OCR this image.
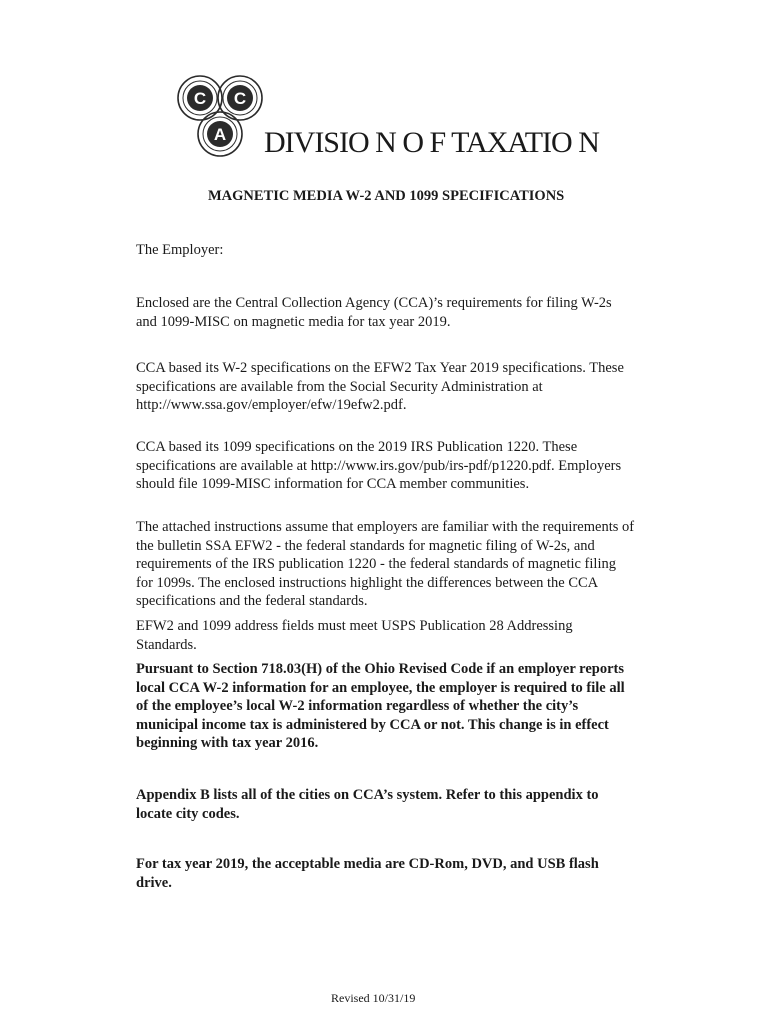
C C
A DIVISIO N O F TAXATIO N
MAGNETIC MEDIA W-2 AND 1099 SPECIFICATIONS
The Employer:
Enclosed are the Central Collection Agency (CCA)’s requirements for filing W-2s
and 1099-MISC on magnetic media for tax year 2019.
CCA based its W-2 specifications on the EFW2 Tax Year 2019 specifications. These
specifications are available from the Social Security Administration at
http://www.ssa.gov/employer/efw/19efw2.pdf.
CCA based its 1099 specifications on the 2019 IRS Publication 1220. These
specifications are available at http://www.irs.gov/pub/irs-pdf/p1220.pdf. Employers
should file 1099-MISC information for CCA member communities.
The attached instructions assume that employers are familiar with the requirements of
the bulletin SSA EFW2 - the federal standards for magnetic filing of W-2s, and
requirements of the IRS publication 1220 - the federal standards of magnetic filing
for 1099s. The enclosed instructions highlight the differences between the CCA
specifications and the federal standards.
EFW2 and 1099 address fields must meet USPS Publication 28 Addressing
Standards.
Pursuant to Section 718.03(H) of the Ohio Revised Code if an employer reports
local CCA W-2 information for an employee, the employer is required to file all
of the employee’s local W-2 information regardless of whether the city’s
municipal income tax is administered by CCA or not. This change is in effect
beginning with tax year 2016.
Appendix B lists all of the cities on CCA’s system. Refer to this appendix to
locate city codes.
For tax year 2019, the acceptable media are CD-Rom, DVD, and USB flash
drive.
Revised 10/31/19
